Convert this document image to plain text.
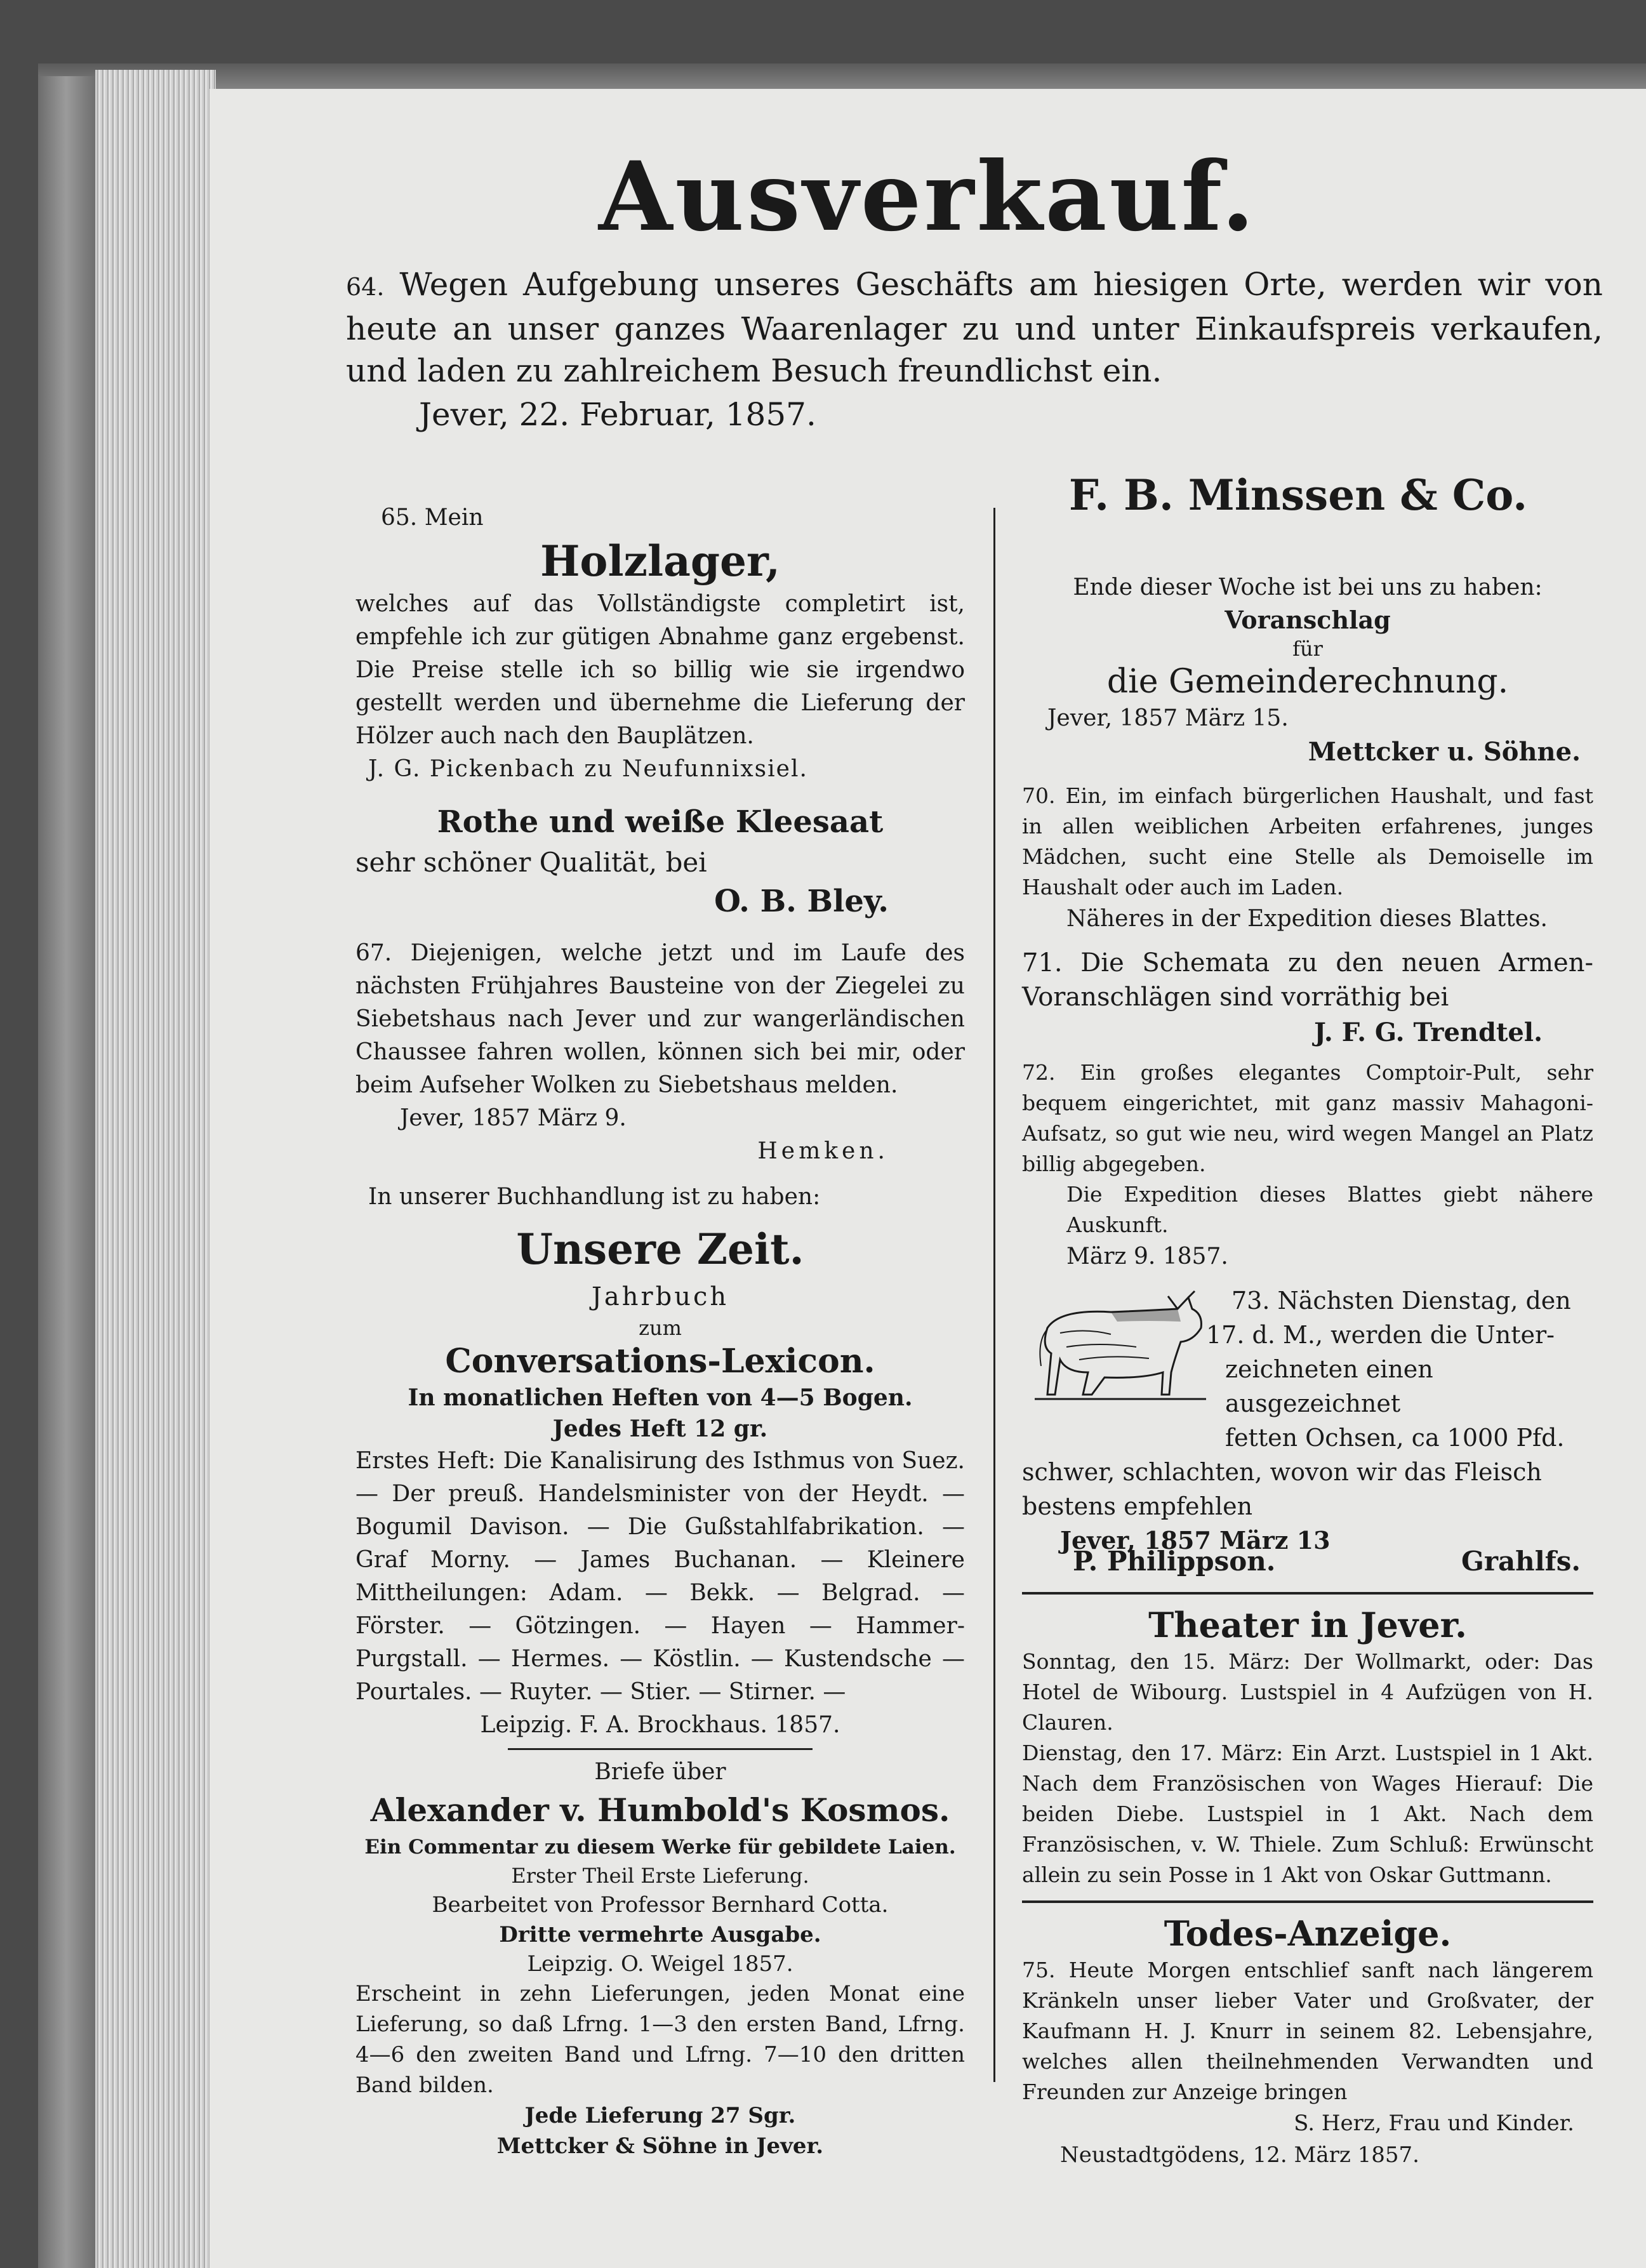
Ausverkauf.
64. Wegen Aufgebung unseres Geschäfts am hiesigen Orte, werden wir von heute an unser ganzes Waarenlager zu und unter Einkaufspreis verkaufen, und laden zu zahlreichem Besuch freundlichst ein.
Jever, 22. Februar, 1857.
F. B. Minssen & Co.

65. Mein

Holzlager,

welches auf das Vollständigste completirt ist, empfehle ich zur gütigen Abnahme ganz ergebenst. Die Preise stelle ich so billig wie sie irgendwo gestellt werden und übernehme die Lieferung der Hölzer auch nach den Bauplätzen.

J. G. Pickenbach zu Neufunnixsiel.

Rothe und weiße Kleesaat

sehr schöner Qualität, bei

O. B. Bley.

67. Diejenigen, welche jetzt und im Laufe des nächsten Frühjahres Bausteine von der Ziegelei zu Siebetshaus nach Jever und zur wangerländischen Chaussee fahren wollen, können sich bei mir, oder beim Aufseher Wolken zu Siebetshaus melden.

Jever, 1857 März 9.

Hemken.

In unserer Buchhandlung ist zu haben:

Unsere Zeit.

Jahrbuch

zum

Conversations-Lexicon.

In monatlichen Heften von 4—5 Bogen.

Jedes Heft 12 gr.

Erstes Heft: Die Kanalisirung des Isthmus von Suez. — Der preuß. Handelsminister von der Heydt. — Bogumil Davison. — Die Gußstahlfabrikation. — Graf Morny. — James Buchanan. — Kleinere Mittheilungen: Adam. — Bekk. — Belgrad. — Förster. — Götzingen. — Hayen — Hammer-Purgstall. — Hermes. — Köstlin. — Kustendsche — Pourtales. — Ruyter. — Stier. — Stirner. —

Leipzig. F. A. Brockhaus. 1857.

Briefe über

Alexander v. Humbold's Kosmos.

Ein Commentar zu diesem Werke für gebildete Laien.

Erster Theil Erste Lieferung.

Bearbeitet von Professor Bernhard Cotta.

Dritte vermehrte Ausgabe.

Leipzig. O. Weigel 1857.

Erscheint in zehn Lieferungen, jeden Monat eine Lieferung, so daß Lfrng. 1—3 den ersten Band, Lfrng. 4—6 den zweiten Band und Lfrng. 7—10 den dritten Band bilden.

Jede Lieferung 27 Sgr.

Mettcker & Söhne in Jever.

Ende dieser Woche ist bei uns zu haben:

Voranschlag

für

die Gemeinderechnung.

Jever, 1857 März 15.

Mettcker u. Söhne.

70. Ein, im einfach bürgerlichen Haushalt, und fast in allen weiblichen Arbeiten erfahrenes, junges Mädchen, sucht eine Stelle als Demoiselle im Haushalt oder auch im Laden.

Näheres in der Expedition dieses Blattes.

71. Die Schemata zu den neuen Armen-Voranschlägen sind vorräthig bei

J. F. G. Trendtel.

72. Ein großes elegantes Comptoir-Pult, sehr bequem eingerichtet, mit ganz massiv Mahagoni-Aufsatz, so gut wie neu, wird wegen Mangel an Platz billig abgegeben.

Die Expedition dieses Blattes giebt nähere Auskunft.

März 9. 1857.

73. Nächsten Dienstag, den

17. d. M., werden die Unter-

zeichneten einen ausgezeichnet

fetten Ochsen, ca 1000 Pfd.

schwer, schlachten, wovon wir das Fleisch

bestens empfehlen

Jever, 1857 März 13

P. Philippson.	Grahlfs.

Theater in Jever.

Sonntag, den 15. März: Der Wollmarkt, oder: Das Hotel de Wibourg. Lustspiel in 4 Aufzügen von H. Clauren.

Dienstag, den 17. März: Ein Arzt. Lustspiel in 1 Akt. Nach dem Französischen von Wages Hierauf: Die beiden Diebe. Lustspiel in 1 Akt. Nach dem Französischen, v. W. Thiele. Zum Schluß: Erwünscht allein zu sein Posse in 1 Akt von Oskar Guttmann.

Todes-Anzeige.

75. Heute Morgen entschlief sanft nach längerem Kränkeln unser lieber Vater und Großvater, der Kaufmann H. J. Knurr in seinem 82. Lebensjahre, welches allen theilnehmenden Verwandten und Freunden zur Anzeige bringen

S. Herz, Frau und Kinder.

Neustadtgödens, 12. März 1857.
